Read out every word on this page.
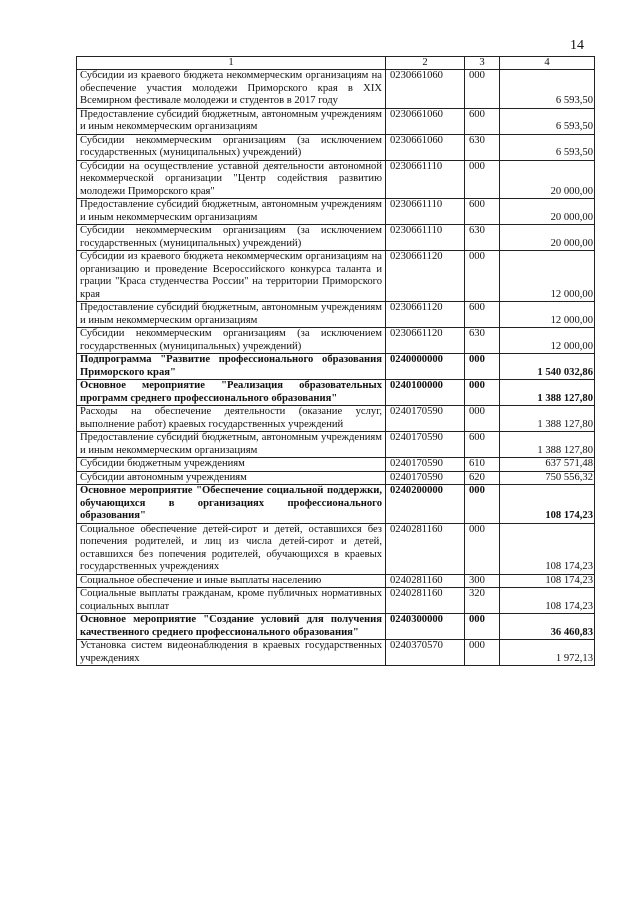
14
1	2	3	4
Субсидии из краевого бюджета некоммерческим организациям на обеспечение участия молодежи Приморского края в XIX Всемирном фестивале молодежи и студентов в 2017 году	0230661060	000	6 593,50
Предоставление субсидий бюджетным, автономным учреждениям и иным некоммерческим организациям	0230661060	600	6 593,50
Субсидии некоммерческим организациям (за исключением государственных (муниципальных) учреждений)	0230661060	630	6 593,50
Субсидии на осуществление уставной деятельности автономной некоммерческой организации "Центр содействия развитию молодежи Приморского края"	0230661110	000	20 000,00
Предоставление субсидий бюджетным, автономным учреждениям и иным некоммерческим организациям	0230661110	600	20 000,00
Субсидии некоммерческим организациям (за исключением государственных (муниципальных) учреждений)	0230661110	630	20 000,00
Субсидии из краевого бюджета некоммерческим организациям на организацию и проведение Всероссийского конкурса таланта и грации "Краса студенчества России" на территории Приморского края	0230661120	000	12 000,00
Предоставление субсидий бюджетным, автономным учреждениям и иным некоммерческим организациям	0230661120	600	12 000,00
Субсидии некоммерческим организациям (за исключением государственных (муниципальных) учреждений)	0230661120	630	12 000,00
Подпрограмма "Развитие профессионального образования Приморского края"	0240000000	000	1 540 032,86
Основное мероприятие "Реализация образовательных программ среднего профессионального образования"	0240100000	000	1 388 127,80
Расходы на обеспечение деятельности (оказание услуг, выполнение работ) краевых государственных учреждений	0240170590	000	1 388 127,80
Предоставление субсидий бюджетным, автономным учреждениям и иным некоммерческим организациям	0240170590	600	1 388 127,80
Субсидии бюджетным учреждениям	0240170590	610	637 571,48
Субсидии автономным учреждениям	0240170590	620	750 556,32
Основное мероприятие "Обеспечение социальной поддержки, обучающихся в организациях профессионального образования"	0240200000	000	108 174,23
Социальное обеспечение детей-сирот и детей, оставшихся без попечения родителей, и лиц из числа детей-сирот и детей, оставшихся без попечения родителей, обучающихся в краевых государственных учреждениях	0240281160	000	108 174,23
Социальное обеспечение и иные выплаты населению	0240281160	300	108 174,23
Социальные выплаты гражданам, кроме публичных нормативных социальных выплат	0240281160	320	108 174,23
Основное мероприятие "Создание условий для получения качественного среднего профессионального образования"	0240300000	000	36 460,83
Установка систем видеонаблюдения в краевых государственных учреждениях	0240370570	000	1 972,13
